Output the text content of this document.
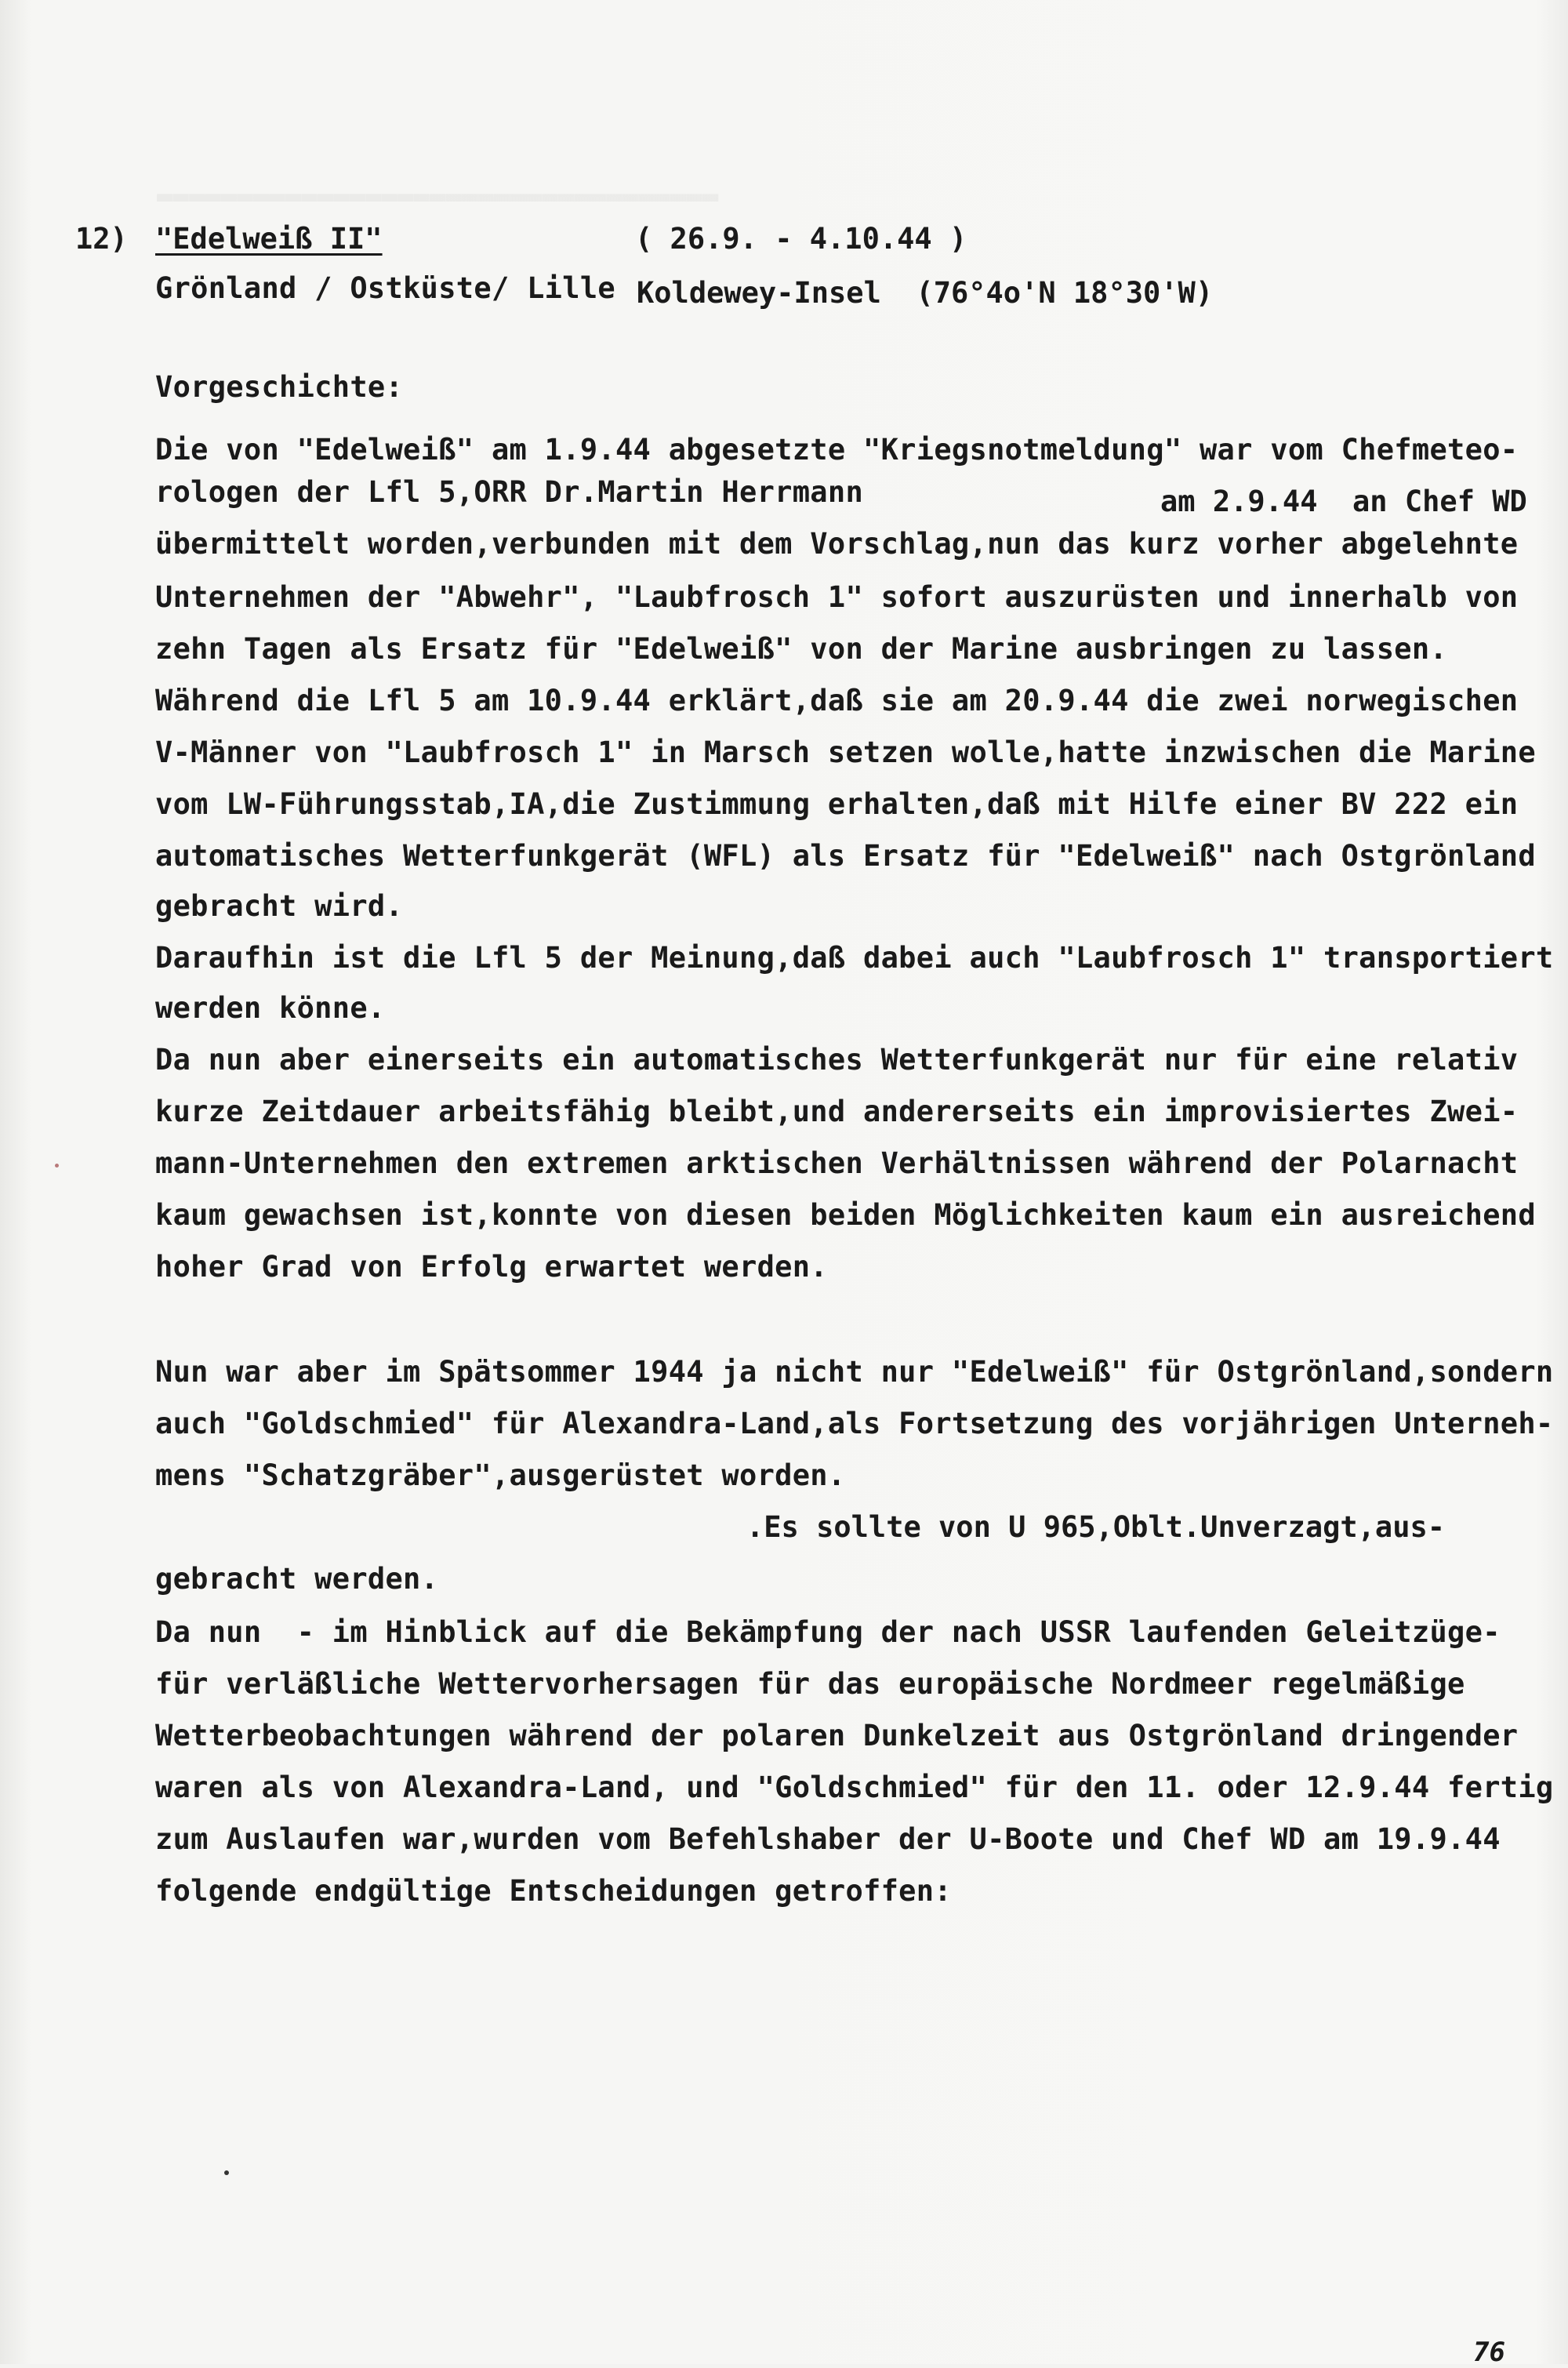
▬▬▬▬▬▬▬▬▬▬▬▬▬▬▬▬▬▬▬▬▬▬▬▬▬▬▬▬▬▬▬▬▬▬▬
12) "Edelweiß II"	( 26.9. - 4.10.44 )
Grönland / Ostküste/ Lille Koldewey-Insel  (76°4o'N 18°30'W)
Vorgeschichte:
Die von "Edelweiß" am 1.9.44 abgesetzte "Kriegsnotmeldung" war vom Chefmeteo-
rologen der Lfl 5,ORR Dr.Martin Herrmann	am 2.9.44  an Chef WD
übermittelt worden,verbunden mit dem Vorschlag,nun das kurz vorher abgelehnte
Unternehmen der "Abwehr", "Laubfrosch 1" sofort auszurüsten und innerhalb von
zehn Tagen als Ersatz für "Edelweiß" von der Marine ausbringen zu lassen.
Während die Lfl 5 am 10.9.44 erklärt,daß sie am 20.9.44 die zwei norwegischen
V-Männer von "Laubfrosch 1" in Marsch setzen wolle,hatte inzwischen die Marine
vom LW-Führungsstab,IA,die Zustimmung erhalten,daß mit Hilfe einer BV 222 ein
automatisches Wetterfunkgerät (WFL) als Ersatz für "Edelweiß" nach Ostgrönland
gebracht wird.
Daraufhin ist die Lfl 5 der Meinung,daß dabei auch "Laubfrosch 1" transportiert
werden könne.
Da nun aber einerseits ein automatisches Wetterfunkgerät nur für eine relativ
kurze Zeitdauer arbeitsfähig bleibt,und andererseits ein improvisiertes Zwei-
mann-Unternehmen den extremen arktischen Verhältnissen während der Polarnacht
kaum gewachsen ist,konnte von diesen beiden Möglichkeiten kaum ein ausreichend
hoher Grad von Erfolg erwartet werden.
Nun war aber im Spätsommer 1944 ja nicht nur "Edelweiß" für Ostgrönland,sondern
auch "Goldschmied" für Alexandra-Land,als Fortsetzung des vorjährigen Unterneh-
mens "Schatzgräber",ausgerüstet worden.
.Es sollte von U 965,Oblt.Unverzagt,aus-
gebracht werden.
Da nun  - im Hinblick auf die Bekämpfung der nach USSR laufenden Geleitzüge-
für verläßliche Wettervorhersagen für das europäische Nordmeer regelmäßige
Wetterbeobachtungen während der polaren Dunkelzeit aus Ostgrönland dringender
waren als von Alexandra-Land, und "Goldschmied" für den 11. oder 12.9.44 fertig
zum Auslaufen war,wurden vom Befehlshaber der U-Boote und Chef WD am 19.9.44
folgende endgültige Entscheidungen getroffen:
76
